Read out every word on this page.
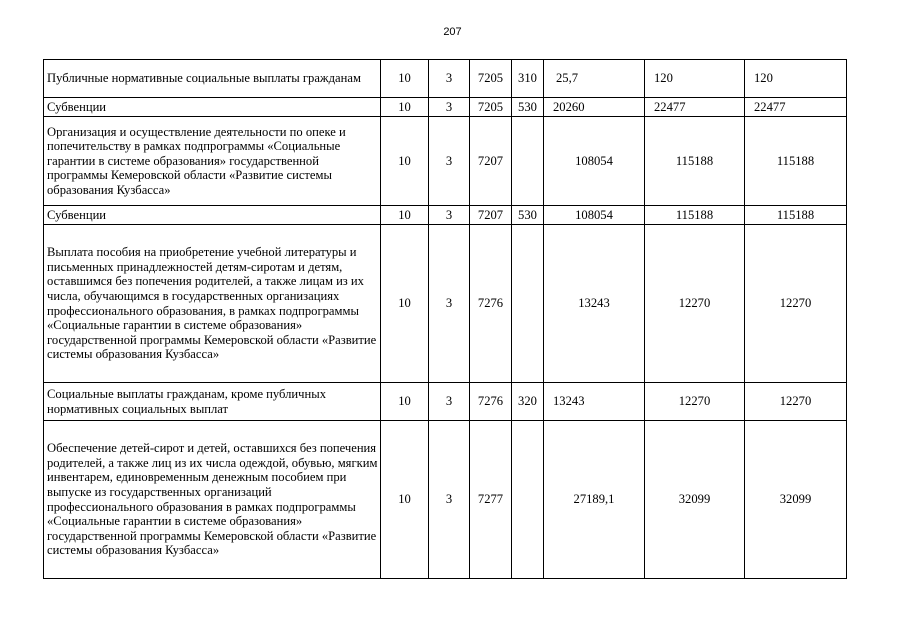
207
Публичные нормативные социальные выплаты гражданам	10	3	7205	310	25,7	120	120
Субвенции	10	3	7205	530	20260	22477	22477
Организация и осуществление деятельности по опеке и попечительству в рамках подпрограммы «Социальные гарантии в системе образования» государственной программы Кемеровской области «Развитие системы образования Кузбасса»	10	3	7207		108054	115188	115188
Субвенции	10	3	7207	530	108054	115188	115188
Выплата пособия на приобретение учебной литературы и письменных принадлежностей детям-сиротам и детям, оставшимся без попечения родителей, а также лицам из их числа, обучающимся в государственных организациях профессионального образования, в рамках подпрограммы «Социальные гарантии в системе образования» государственной программы Кемеровской области «Развитие системы образования Кузбасса»	10	3	7276		13243	12270	12270
Социальные выплаты гражданам, кроме публичных нормативных социальных выплат	10	3	7276	320	13243	12270	12270
Обеспечение детей-сирот и детей, оставшихся без попечения родителей, а также лиц из их числа одеждой, обувью, мягким инвентарем, единовременным денежным пособием при выпуске из государственных организаций профессионального образования в рамках подпрограммы «Социальные гарантии в системе образования» государственной программы Кемеровской области «Развитие системы образования Кузбасса»	10	3	7277		27189,1	32099	32099
